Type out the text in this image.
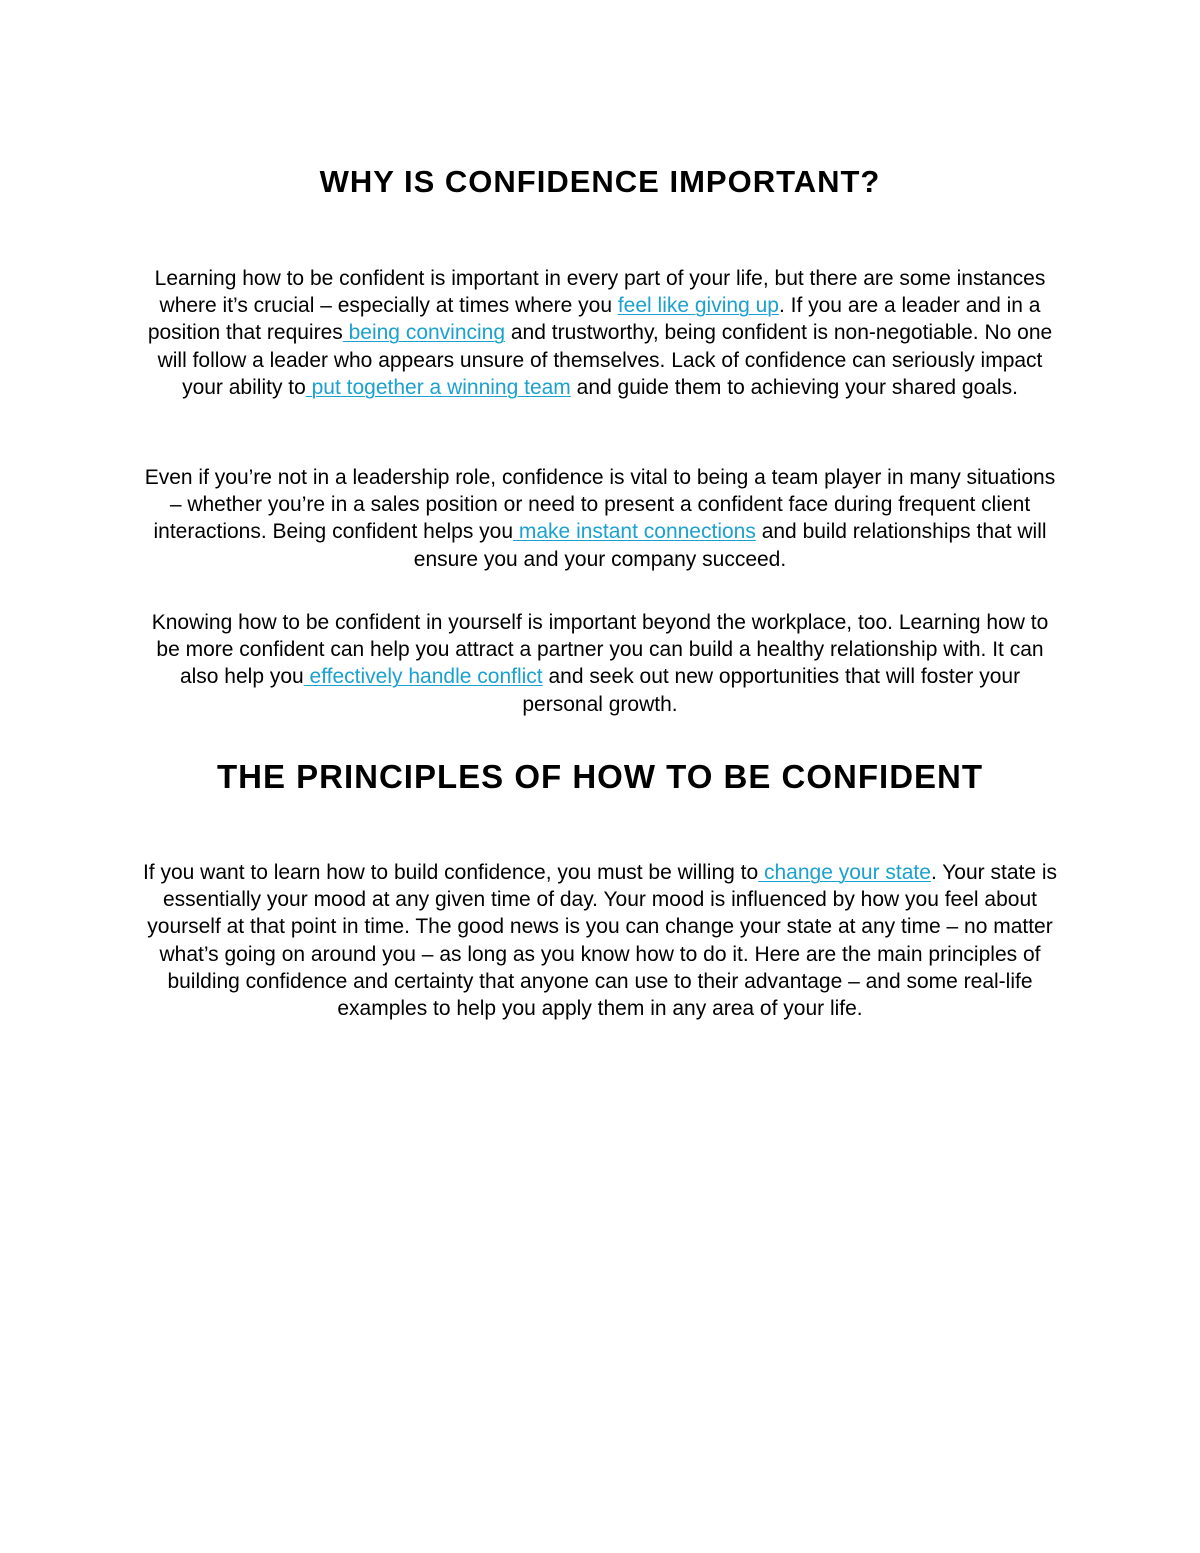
WHY IS CONFIDENCE IMPORTANT?

Learning how to be confident is important in every part of your life, but there are some instances where it’s crucial – especially at times where you feel like giving up. If you are a leader and in a position that requires being convincing and trustworthy, being confident is non-negotiable. No one will follow a leader who appears unsure of themselves. Lack of confidence can seriously impact your ability to put together a winning team and guide them to achieving your shared goals.

Even if you’re not in a leadership role, confidence is vital to being a team player in many situations – whether you’re in a sales position or need to present a confident face during frequent client interactions. Being confident helps you make instant connections and build relationships that will ensure you and your company succeed.

Knowing how to be confident in yourself is important beyond the workplace, too. Learning how to be more confident can help you attract a partner you can build a healthy relationship with. It can also help you effectively handle conflict and seek out new opportunities that will foster your personal growth.

THE PRINCIPLES OF HOW TO BE CONFIDENT

If you want to learn how to build confidence, you must be willing to change your state. Your state is essentially your mood at any given time of day. Your mood is influenced by how you feel about yourself at that point in time. The good news is you can change your state at any time – no matter what’s going on around you – as long as you know how to do it. Here are the main principles of building confidence and certainty that anyone can use to their advantage – and some real-life examples to help you apply them in any area of your life.
